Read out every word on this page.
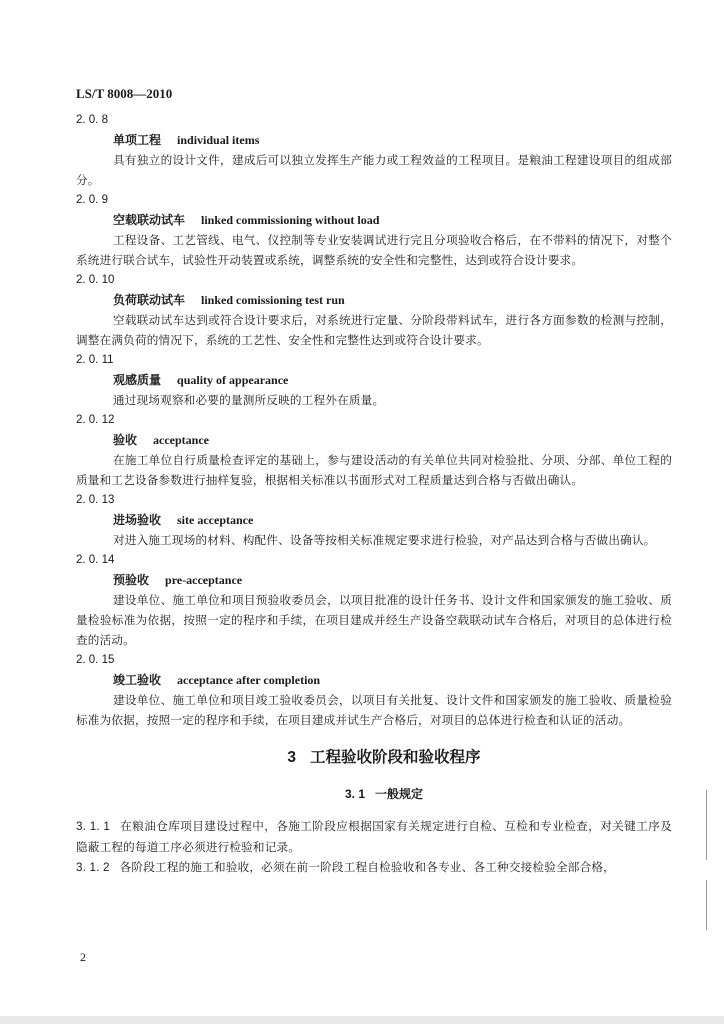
LS/T 8008—2010
2. 0. 8
单项工程 individual items

具有独立的设计文件，建成后可以独立发挥生产能力或工程效益的工程项目。是粮油工程建设项目的组成部分。

2. 0. 9
空载联动试车 linked commissioning without load

工程设备、工艺管线、电气、仪控制等专业安装调试进行完且分项验收合格后，在不带料的情况下，对整个系统进行联合试车，试验性开动装置或系统，调整系统的安全性和完整性，达到或符合设计要求。

2. 0. 10
负荷联动试车 linked comissioning test run

空载联动试车达到或符合设计要求后，对系统进行定量、分阶段带料试车，进行各方面参数的检测与控制，调整在满负荷的情况下，系统的工艺性、安全性和完整性达到或符合设计要求。

2. 0. 11
观感质量 quality of appearance

通过现场观察和必要的量测所反映的工程外在质量。

2. 0. 12
验收 acceptance

在施工单位自行质量检查评定的基础上，参与建设活动的有关单位共同对检验批、分项、分部、单位工程的质量和工艺设备参数进行抽样复验，根据相关标准以书面形式对工程质量达到合格与否做出确认。

2. 0. 13
进场验收 site acceptance

对进入施工现场的材料、构配件、设备等按相关标准规定要求进行检验，对产品达到合格与否做出确认。

2. 0. 14
预验收 pre-acceptance

建设单位、施工单位和项目预验收委员会，以项目批准的设计任务书、设计文件和国家颁发的施工验收、质量检验标准为依据，按照一定的程序和手续，在项目建成并经生产设备空载联动试车合格后，对项目的总体进行检查的活动。

2. 0. 15
竣工验收 acceptance after completion

建设单位、施工单位和项目竣工验收委员会，以项目有关批复、设计文件和国家颁发的施工验收、质量检验标准为依据，按照一定的程序和手续，在项目建成并试生产合格后，对项目的总体进行检查和认证的活动。

3 工程验收阶段和验收程序
3. 1 一般规定

3. 1. 1 在粮油仓库项目建设过程中，各施工阶段应根据国家有关规定进行自检、互检和专业检查，对关键工序及隐蔽工程的每道工序必须进行检验和记录。

3. 1. 2 各阶段工程的施工和验收，必须在前一阶段工程自检验收和各专业、各工种交接检验全部合格，

2
